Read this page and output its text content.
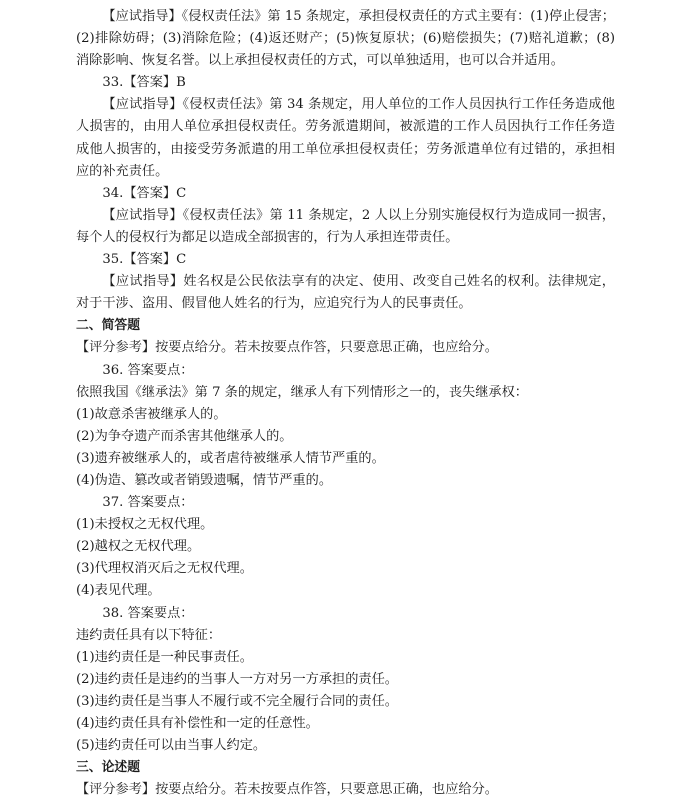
【应试指导】《侵权责任法》第 15 条规定，承担侵权责任的方式主要有：(1)停止侵害；(2)排除妨碍；(3)消除危险；(4)返还财产；(5)恢复原状；(6)赔偿损失；(7)赔礼道歉；(8)消除影响、恢复名誉。以上承担侵权责任的方式，可以单独适用，也可以合并适用。

33.【答案】B

【应试指导】《侵权责任法》第 34 条规定，用人单位的工作人员因执行工作任务造成他人损害的，由用人单位承担侵权责任。劳务派遣期间，被派遣的工作人员因执行工作任务造成他人损害的，由接受劳务派遣的用工单位承担侵权责任；劳务派遣单位有过错的，承担相应的补充责任。

34.【答案】C

【应试指导】《侵权责任法》第 11 条规定，2 人以上分别实施侵权行为造成同一损害，每个人的侵权行为都足以造成全部损害的，行为人承担连带责任。

35.【答案】C

【应试指导】姓名权是公民依法享有的决定、使用、改变自己姓名的权利。法律规定，对于干涉、盗用、假冒他人姓名的行为，应追究行为人的民事责任。

二、简答题

【评分参考】按要点给分。若未按要点作答，只要意思正确，也应给分。

36. 答案要点：

依照我国《继承法》第 7 条的规定，继承人有下列情形之一的，丧失继承权：

(1)故意杀害被继承人的。

(2)为争夺遗产而杀害其他继承人的。

(3)遗弃被继承人的，或者虐待被继承人情节严重的。

(4)伪造、篡改或者销毁遗嘱，情节严重的。

37. 答案要点：

(1)未授权之无权代理。

(2)越权之无权代理。

(3)代理权消灭后之无权代理。

(4)表见代理。

38. 答案要点：

违约责任具有以下特征：

(1)违约责任是一种民事责任。

(2)违约责任是违约的当事人一方对另一方承担的责任。

(3)违约责任是当事人不履行或不完全履行合同的责任。

(4)违约责任具有补偿性和一定的任意性。

(5)违约责任可以由当事人约定。

三、论述题

【评分参考】按要点给分。若未按要点作答，只要意思正确，也应给分。
